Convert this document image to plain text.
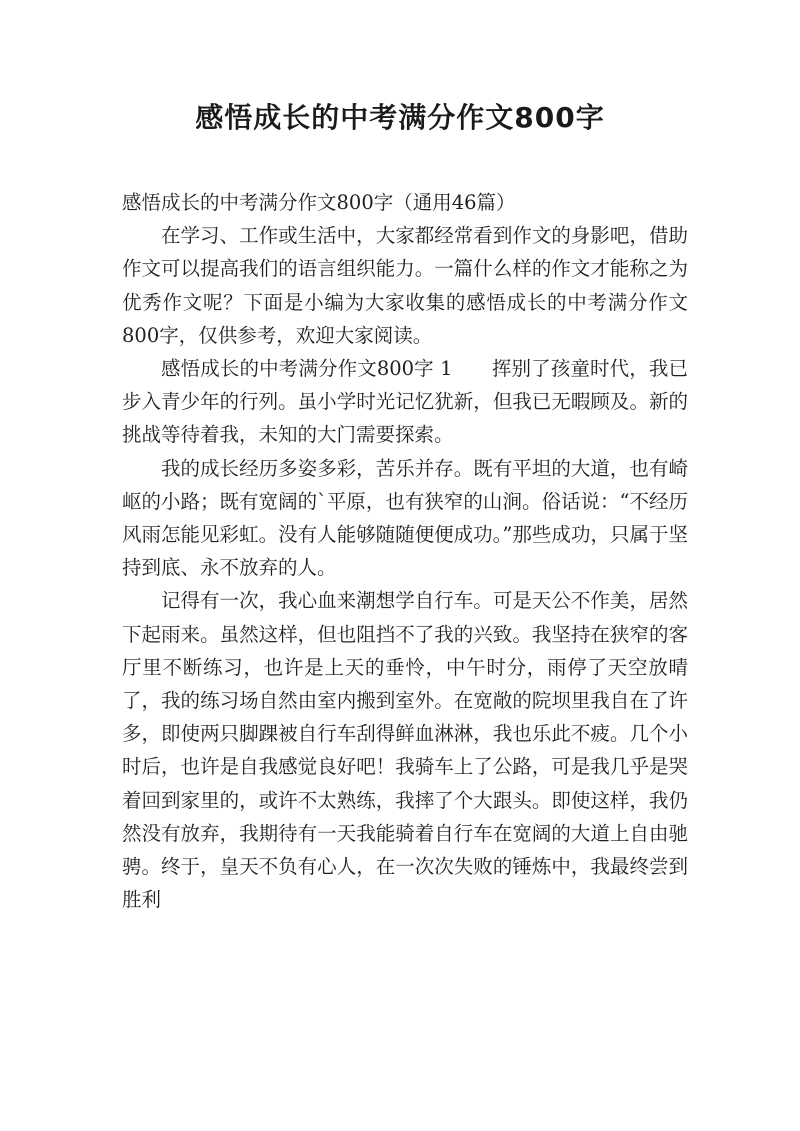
感悟成长的中考满分作文800字

感悟成长的中考满分作文800字（通用46篇）

在学习、工作或生活中，大家都经常看到作文的身影吧，借助作文可以提高我们的语言组织能力。一篇什么样的作文才能称之为优秀作文呢？下面是小编为大家收集的感悟成长的中考满分作文800字，仅供参考，欢迎大家阅读。

感悟成长的中考满分作文800字 1　　挥别了孩童时代，我已步入青少年的行列。虽小学时光记忆犹新，但我已无暇顾及。新的挑战等待着我，未知的大门需要探索。

我的成长经历多姿多彩，苦乐并存。既有平坦的大道，也有崎岖的小路；既有宽阔的`平原，也有狭窄的山涧。俗话说：“不经历风雨怎能见彩虹。没有人能够随随便便成功。”那些成功，只属于坚持到底、永不放弃的人。

记得有一次，我心血来潮想学自行车。可是天公不作美，居然下起雨来。虽然这样，但也阻挡不了我的兴致。我坚持在狭窄的客厅里不断练习，也许是上天的垂怜，中午时分，雨停了天空放晴了，我的练习场自然由室内搬到室外。在宽敞的院坝里我自在了许多，即使两只脚踝被自行车刮得鲜血淋淋，我也乐此不疲。几个小时后，也许是自我感觉良好吧！我骑车上了公路，可是我几乎是哭着回到家里的，或许不太熟练，我摔了个大跟头。即使这样，我仍然没有放弃，我期待有一天我能骑着自行车在宽阔的大道上自由驰骋。终于，皇天不负有心人，在一次次失败的锤炼中，我最终尝到胜利
